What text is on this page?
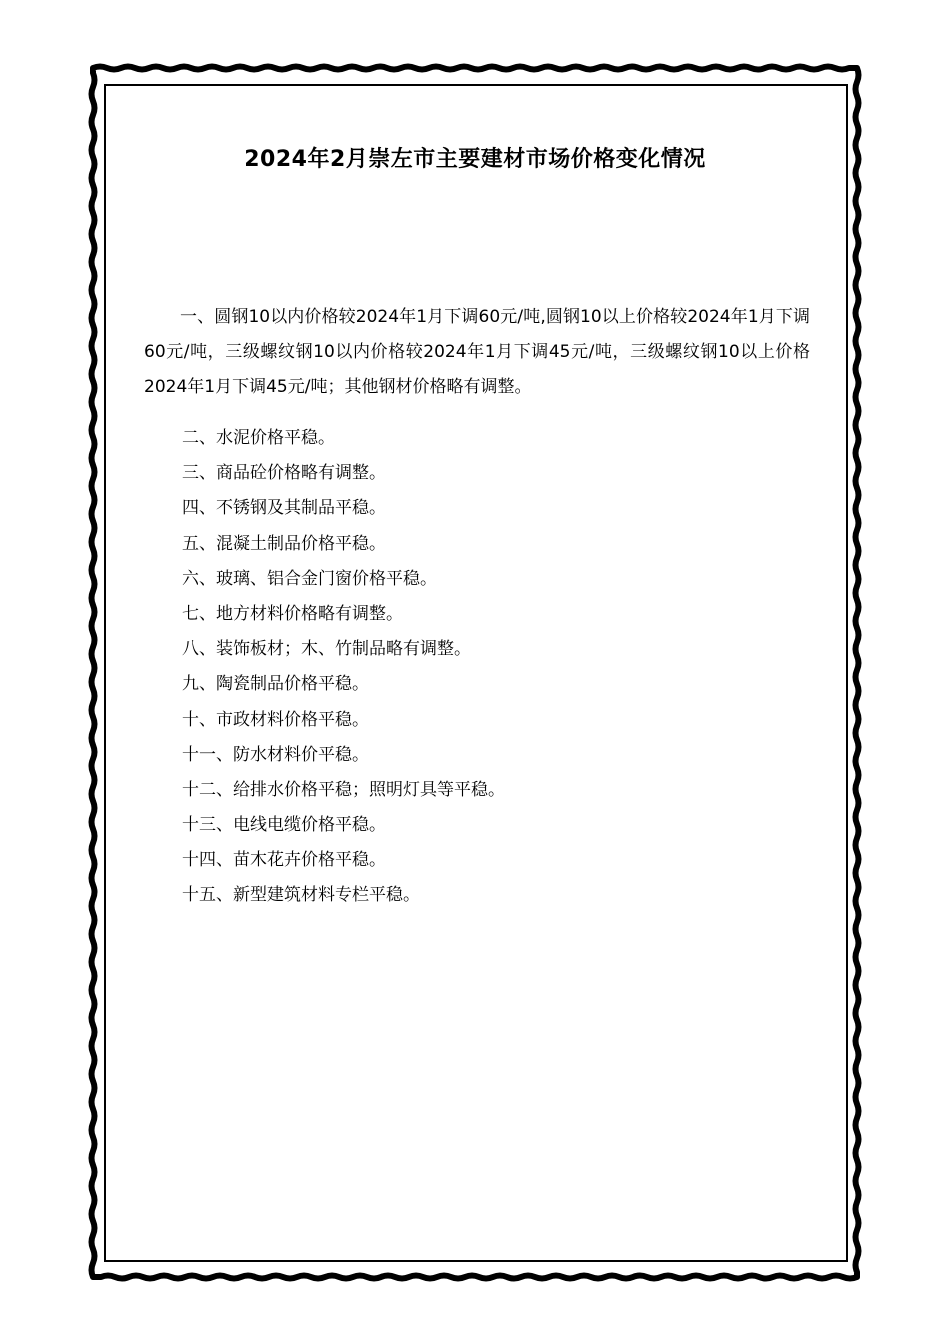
2024年2月崇左市主要建材市场价格变化情况

一、圆钢10以内价格较2024年1月下调60元/吨,圆钢10以上价格较2024年1月下调60元/吨，三级螺纹钢10以内价格较2024年1月下调45元/吨，三级螺纹钢10以上价格2024年1月下调45元/吨；其他钢材价格略有调整。

二、水泥价格平稳。
三、商品砼价格略有调整。
四、不锈钢及其制品平稳。
五、混凝土制品价格平稳。
六、玻璃、铝合金门窗价格平稳。
七、地方材料价格略有调整。
八、装饰板材；木、竹制品略有调整。
九、陶瓷制品价格平稳。
十、市政材料价格平稳。
十一、防水材料价平稳。
十二、给排水价格平稳；照明灯具等平稳。
十三、电线电缆价格平稳。
十四、苗木花卉价格平稳。
十五、新型建筑材料专栏平稳。
